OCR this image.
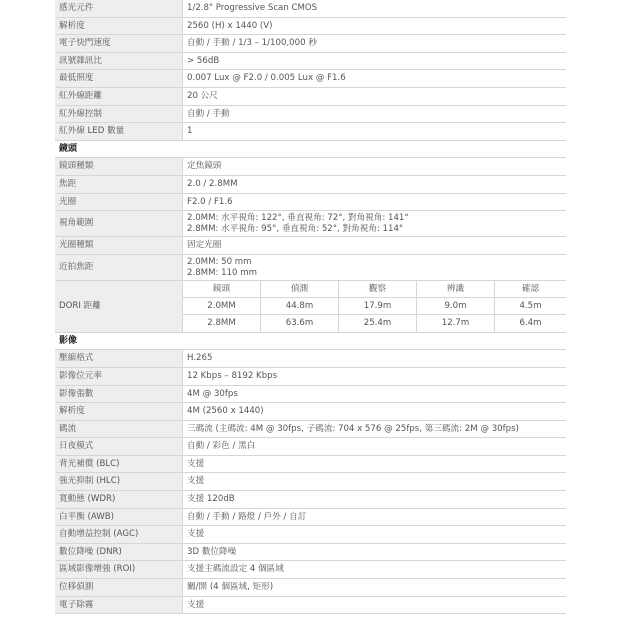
感光元件	1/2.8" Progressive Scan CMOS
解析度	2560 (H) x 1440 (V)
電子快門速度	自動 / 手動 / 1/3 – 1/100,000 秒
訊號雜訊比	> 56dB
最低照度	0.007 Lux @ F2.0 / 0.005 Lux @ F1.6
紅外線距離	20 公尺
紅外線控制	自動 / 手動
紅外線 LED 數量	1
鏡頭
鏡頭種類	定焦鏡頭
焦距	2.0 / 2.8MM
光圈	F2.0 / F1.6
視角範圍	2.0MM: 水平視角: 122°, 垂直視角: 72°, 對角視角: 141°
2.8MM: 水平視角: 95°, 垂直視角: 52°, 對角視角: 114°
光圈種類	固定光圈
近拍焦距	2.0MM: 50 mm
2.8MM: 110 mm
DORI 距離
鏡頭	偵測	觀察	辨識	確認
2.0MM	44.8m	17.9m	9.0m	4.5m
2.8MM	63.6m	25.4m	12.7m	6.4m
影像
壓縮格式	H.265
影像位元率	12 Kbps – 8192 Kbps
影像張數	4M @ 30fps
解析度	4M (2560 x 1440)
碼流	三碼流 (主碼流: 4M @ 30fps, 子碼流: 704 x 576 @ 25fps, 第三碼流: 2M @ 30fps)
日夜模式	自動 / 彩色 / 黑白
背光補償 (BLC)	支援
強光抑制 (HLC)	支援
寬動態 (WDR)	支援 120dB
白平衡 (AWB)	自動 / 手動 / 路燈 / 戶外 / 自訂
自動增益控制 (AGC)	支援
數位降噪 (DNR)	3D 數位降噪
區域影像增強 (ROI)	支援主碼流設定 4 個區域
位移偵測	關/開 (4 個區域, 矩形)
電子除霧	支援
